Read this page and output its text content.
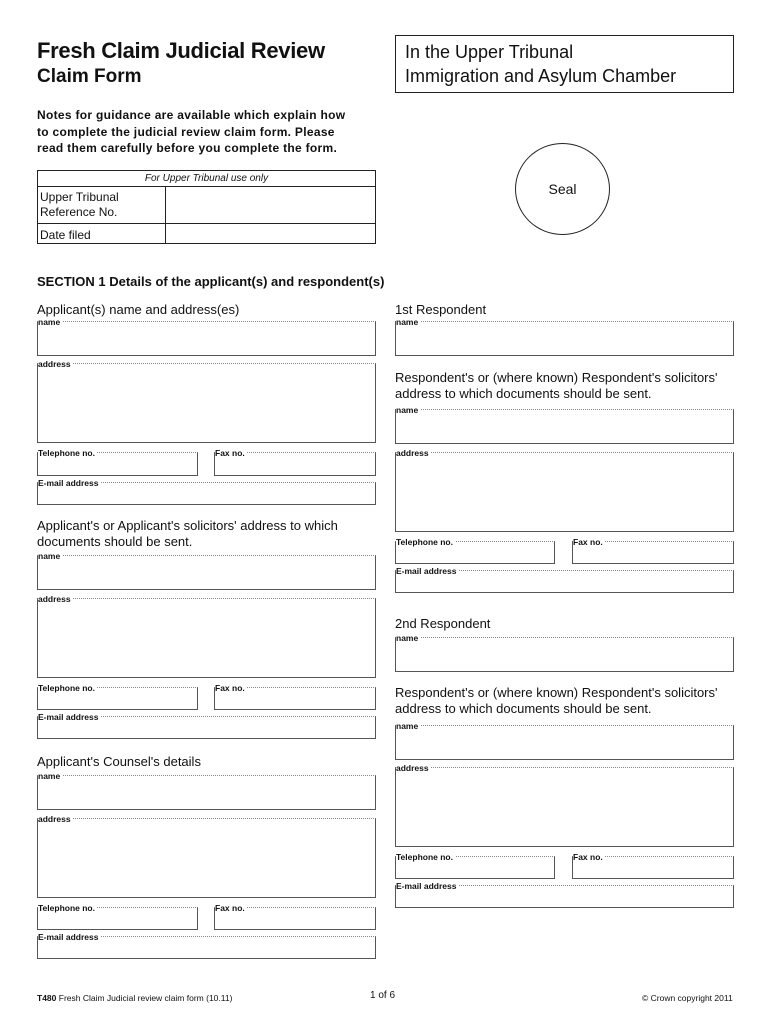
Fresh Claim Judicial Review
Claim Form
In the Upper Tribunal
Immigration and Asylum Chamber
Notes for guidance are available which explain how
to complete the judicial review claim form. Please
read them carefully before you complete the form.
Seal
For Upper Tribunal use only
Upper Tribunal
Reference No.
Date filed
SECTION 1 Details of the applicant(s) and respondent(s)
Applicant(s) name and address(es)
name
address
Telephone no.	Fax no.
E-mail address
Applicant's or Applicant's solicitors' address to which
documents should be sent.
name
address
Telephone no.	Fax no.
E-mail address
Applicant's Counsel's details
name
address
Telephone no.	Fax no.
E-mail address
1st Respondent
name
Respondent's or (where known) Respondent's solicitors'
address to which documents should be sent.
name
address
Telephone no.	Fax no.
E-mail address
2nd Respondent
name
Respondent's or (where known) Respondent's solicitors'
address to which documents should be sent.
name
address
Telephone no.	Fax no.
E-mail address
T480 Fresh Claim Judicial review claim form (10.11)	1 of 6	© Crown copyright 2011
